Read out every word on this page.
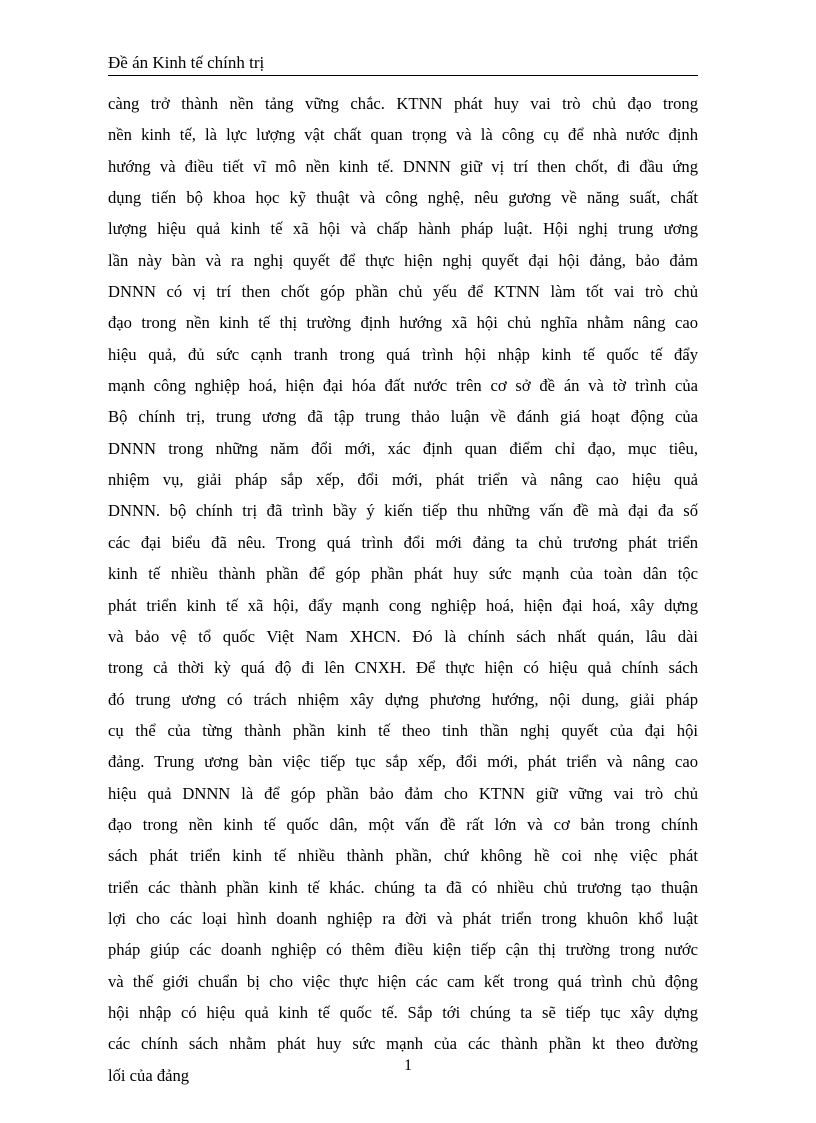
Đề án Kinh tế chính trị
càng trở thành nền tảng vững chắc. KTNN phát huy vai trò chủ đạo trong
nền kinh tế, là lực lượng vật chất quan trọng và là công cụ để nhà nước định
hướng và điều tiết vĩ mô nền kinh tế. DNNN giữ vị trí then chốt, đi đầu ứng
dụng tiến bộ khoa học kỹ thuật và công nghệ, nêu gương về năng suất, chất
lượng hiệu quả kinh tế xã hội và chấp hành pháp luật. Hội nghị trung ương
lần này bàn và ra nghị quyết để thực hiện nghị quyết đại hội đảng, bảo đảm
DNNN có vị trí then chốt góp phần chủ yếu để KTNN làm tốt vai trò chủ
đạo trong nền kinh tế thị trường định hướng xã hội chủ nghĩa nhằm nâng cao
hiệu quả, đủ sức cạnh tranh trong quá trình hội nhập kinh tế quốc tế đẩy
mạnh công nghiệp hoá, hiện đại hóa đất nước trên cơ sở đề án và tờ trình của
Bộ chính trị, trung ương đã tập trung thảo luận về đánh giá hoạt động của
DNNN trong những năm đổi mới, xác định quan điểm chỉ đạo, mục tiêu,
nhiệm vụ, giải pháp sắp xếp, đổi mới, phát triển và nâng cao hiệu quả
DNNN. bộ chính trị đã trình bầy ý kiến tiếp thu những vấn đề mà đại đa số
các đại biểu đã nêu. Trong quá trình đổi mới đảng ta chủ trương phát triển
kinh tế nhiều thành phần để góp phần phát huy sức mạnh của toàn dân tộc
phát triển kinh tế xã hội, đẩy mạnh cong nghiệp hoá, hiện đại hoá, xây dựng
và bảo vệ tổ quốc Việt Nam XHCN. Đó là chính sách nhất quán, lâu dài
trong cả thời kỳ quá độ đi lên CNXH. Để thực hiện có hiệu quả chính sách
đó trung ương có trách nhiệm xây dựng phương hướng, nội dung, giải pháp
cụ thể của từng thành phần kinh tế theo tinh thần nghị quyết của đại hội
đảng. Trung ương bàn việc tiếp tục sắp xếp, đổi mới, phát triển và nâng cao
hiệu quả DNNN là để góp phần bảo đảm cho KTNN giữ vững vai trò chủ
đạo trong nền kinh tế quốc dân, một vấn đề rất lớn và cơ bản trong chính
sách phát triển kinh tế nhiều thành phần, chứ không hề coi nhẹ việc phát
triển các thành phần kinh tế khác. chúng ta đã có nhiều chủ trương tạo thuận
lợi cho các loại hình doanh nghiệp ra đời và phát triển trong khuôn khổ luật
pháp giúp các doanh nghiệp có thêm điều kiện tiếp cận thị trường trong nước
và thế giới chuẩn bị cho việc thực hiện các cam kết trong quá trình chủ động
hội nhập có hiệu quả kinh tế quốc tế. Sắp tới chúng ta sẽ tiếp tục xây dựng
các chính sách nhằm phát huy sức mạnh của các thành phần kt theo đường
lối của đảng
1
